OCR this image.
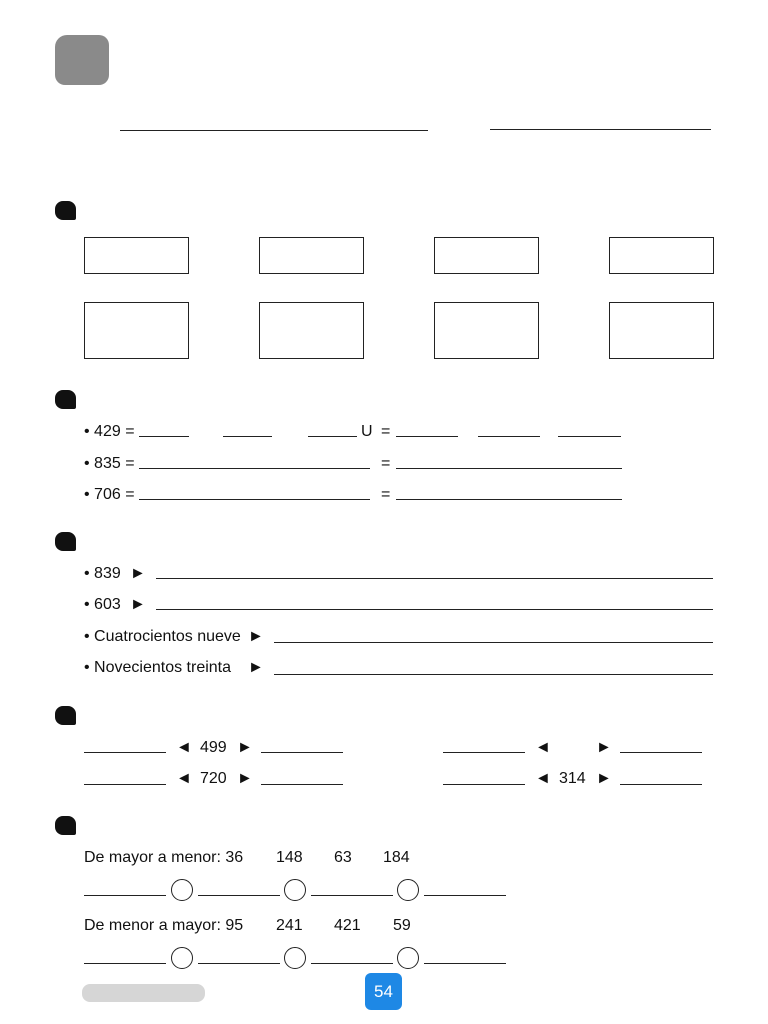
• 429 =	U =
• 835 =	=
• 706 =	=
• 839 ►
• 603 ►
• Cuatrocientos nueve ►
• Novecientos treinta ►
◄ 499 ►	◄	►
◄ 720 ►	◄ 314 ►
De mayor a menor: 36 148 63 184
De menor a mayor: 95 241 421 59
54
